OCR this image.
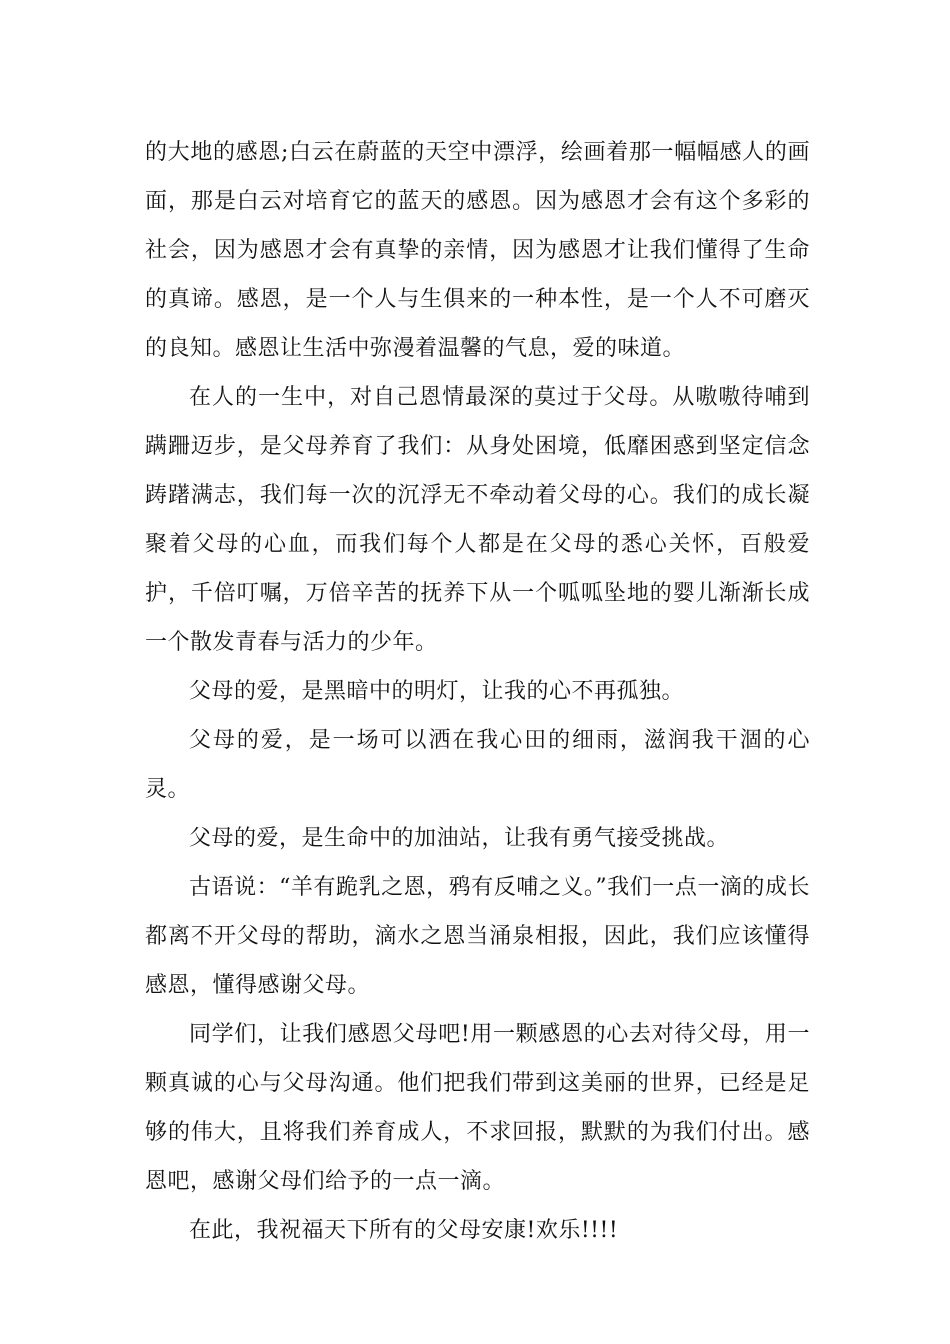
的大地的感恩;白云在蔚蓝的天空中漂浮，绘画着那一幅幅感人的画面，那是白云对培育它的蓝天的感恩。因为感恩才会有这个多彩的社会，因为感恩才会有真挚的亲情，因为感恩才让我们懂得了生命的真谛。感恩，是一个人与生俱来的一种本性，是一个人不可磨灭的良知。感恩让生活中弥漫着温馨的气息，爱的味道。

在人的一生中，对自己恩情最深的莫过于父母。从嗷嗷待哺到蹒跚迈步，是父母养育了我们：从身处困境，低靡困惑到坚定信念踌躇满志，我们每一次的沉浮无不牵动着父母的心。我们的成长凝聚着父母的心血，而我们每个人都是在父母的悉心关怀，百般爱护，千倍叮嘱，万倍辛苦的抚养下从一个呱呱坠地的婴儿渐渐长成一个散发青春与活力的少年。

父母的爱，是黑暗中的明灯，让我的心不再孤独。

父母的爱，是一场可以洒在我心田的细雨，滋润我干涸的心灵。

父母的爱，是生命中的加油站，让我有勇气接受挑战。

古语说：“羊有跪乳之恩，鸦有反哺之义。”我们一点一滴的成长都离不开父母的帮助，滴水之恩当涌泉相报，因此，我们应该懂得感恩，懂得感谢父母。

同学们，让我们感恩父母吧!用一颗感恩的心去对待父母，用一颗真诚的心与父母沟通。他们把我们带到这美丽的世界，已经是足够的伟大，且将我们养育成人，不求回报，默默的为我们付出。感恩吧，感谢父母们给予的一点一滴。

在此，我祝福天下所有的父母安康!欢乐!!!!
